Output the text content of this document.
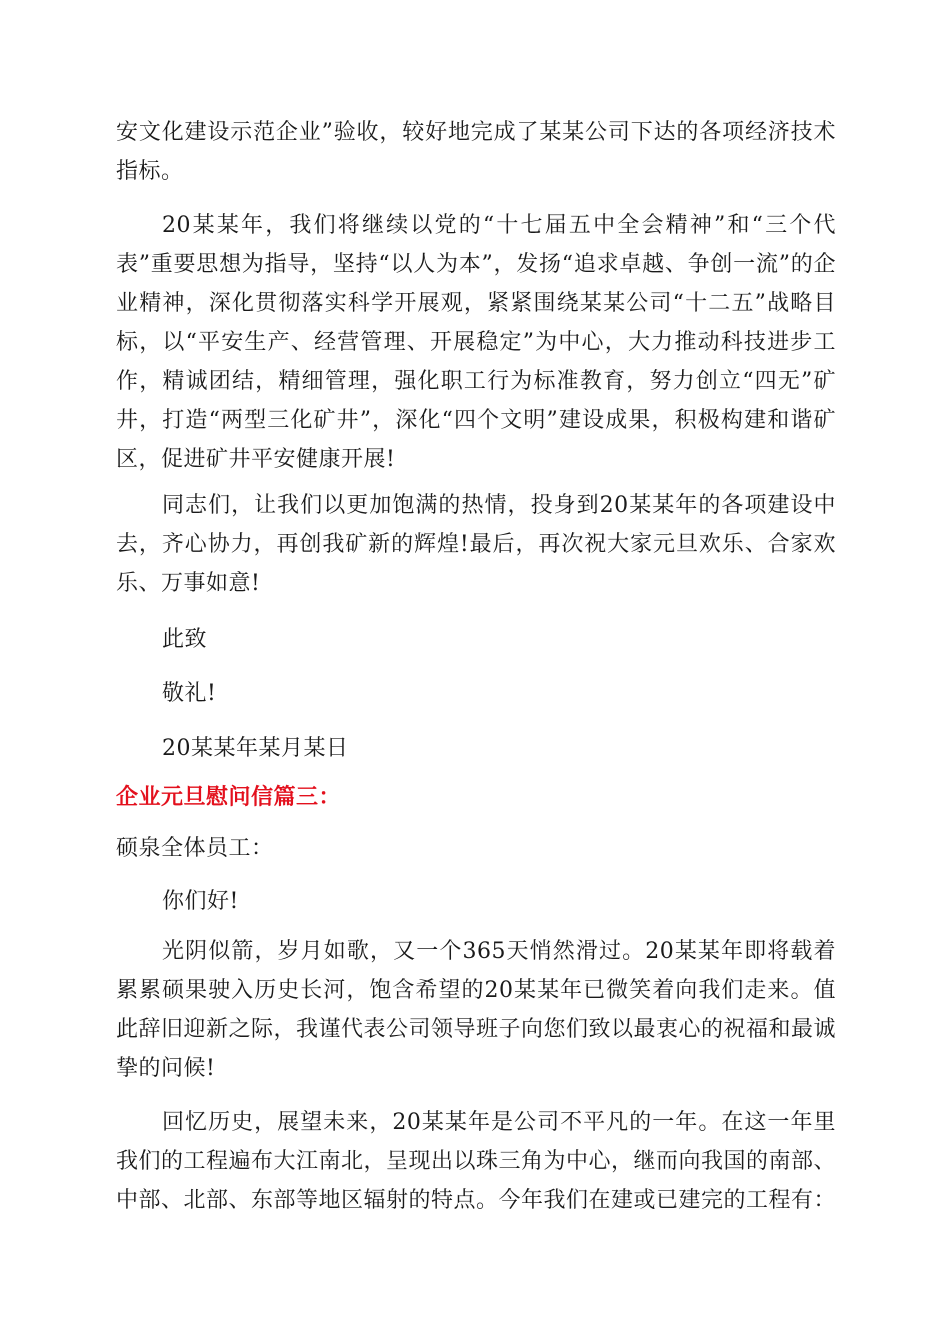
安文化建设示范企业”验收，较好地完成了某某公司下达的各项经济技术指标。

20某某年，我们将继续以党的“十七届五中全会精神”和“三个代表”重要思想为指导，坚持“以人为本”，发扬“追求卓越、争创一流”的企业精神，深化贯彻落实科学开展观，紧紧围绕某某公司“十二五”战略目标，以“平安生产、经营管理、开展稳定”为中心，大力推动科技进步工作，精诚团结，精细管理，强化职工行为标准教育，努力创立“四无”矿井，打造“两型三化矿井”，深化“四个文明”建设成果，积极构建和谐矿区，促进矿井平安健康开展!

同志们，让我们以更加饱满的热情，投身到20某某年的各项建设中去，齐心协力，再创我矿新的辉煌!最后，再次祝大家元旦欢乐、合家欢乐、万事如意!

此致
敬礼!
20某某年某月某日
企业元旦慰问信篇三：
硕泉全体员工：
你们好!

光阴似箭，岁月如歌，又一个365天悄然滑过。20某某年即将载着累累硕果驶入历史长河，饱含希望的20某某年已微笑着向我们走来。值此辞旧迎新之际，我谨代表公司领导班子向您们致以最衷心的祝福和最诚挚的问候!

回忆历史，展望未来，20某某年是公司不平凡的一年。在这一年里我们的工程遍布大江南北，呈现出以珠三角为中心，继而向我国的南部、中部、北部、东部等地区辐射的特点。今年我们在建或已建完的工程有：
